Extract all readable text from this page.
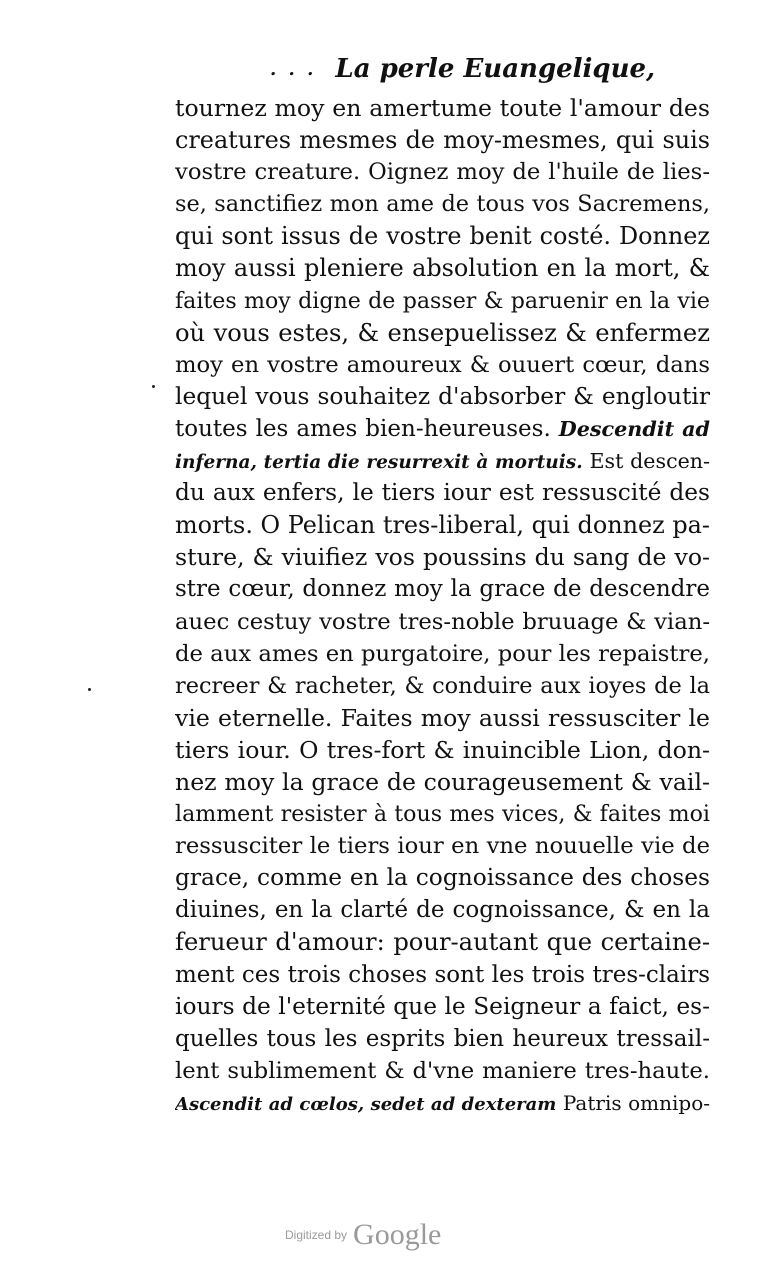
. . . La perle Euangelique,
tournez moy en amertume toute l'amour des
creatures mesmes de moy-mesmes, qui suis
vostre creature. Oignez moy de l'huile de lies-
se, sanctifiez mon ame de tous vos Sacremens,
qui sont issus de vostre benit costé. Donnez
moy aussi pleniere absolution en la mort, &
faites moy digne de passer & paruenir en la vie
où vous estes, & ensepuelissez & enfermez
moy en vostre amoureux & ouuert cœur, dans
lequel vous souhaitez d'absorber & engloutir
toutes les ames bien-heureuses. Descendit ad
inferna, tertia die resurrexit à mortuis. Est descen-
du aux enfers, le tiers iour est ressuscité des
morts. O Pelican tres-liberal, qui donnez pa-
sture, & viuifiez vos poussins du sang de vo-
stre cœur, donnez moy la grace de descendre
auec cestuy vostre tres-noble bruuage & vian-
de aux ames en purgatoire, pour les repaistre,
recreer & racheter, & conduire aux ioyes de la
vie eternelle. Faites moy aussi ressusciter le
tiers iour. O tres-fort & inuincible Lion, don-
nez moy la grace de courageusement & vail-
lamment resister à tous mes vices, & faites moi
ressusciter le tiers iour en vne nouuelle vie de
grace, comme en la cognoissance des choses
diuines, en la clarté de cognoissance, & en la
ferueur d'amour: pour-autant que certaine-
ment ces trois choses sont les trois tres-clairs
iours de l'eternité que le Seigneur a faict, es-
quelles tous les esprits bien heureux tressail-
lent sublimement & d'vne maniere tres-haute.
Ascendit ad cœlos, sedet ad dexteram Patris omnipo-
Digitized by Google
